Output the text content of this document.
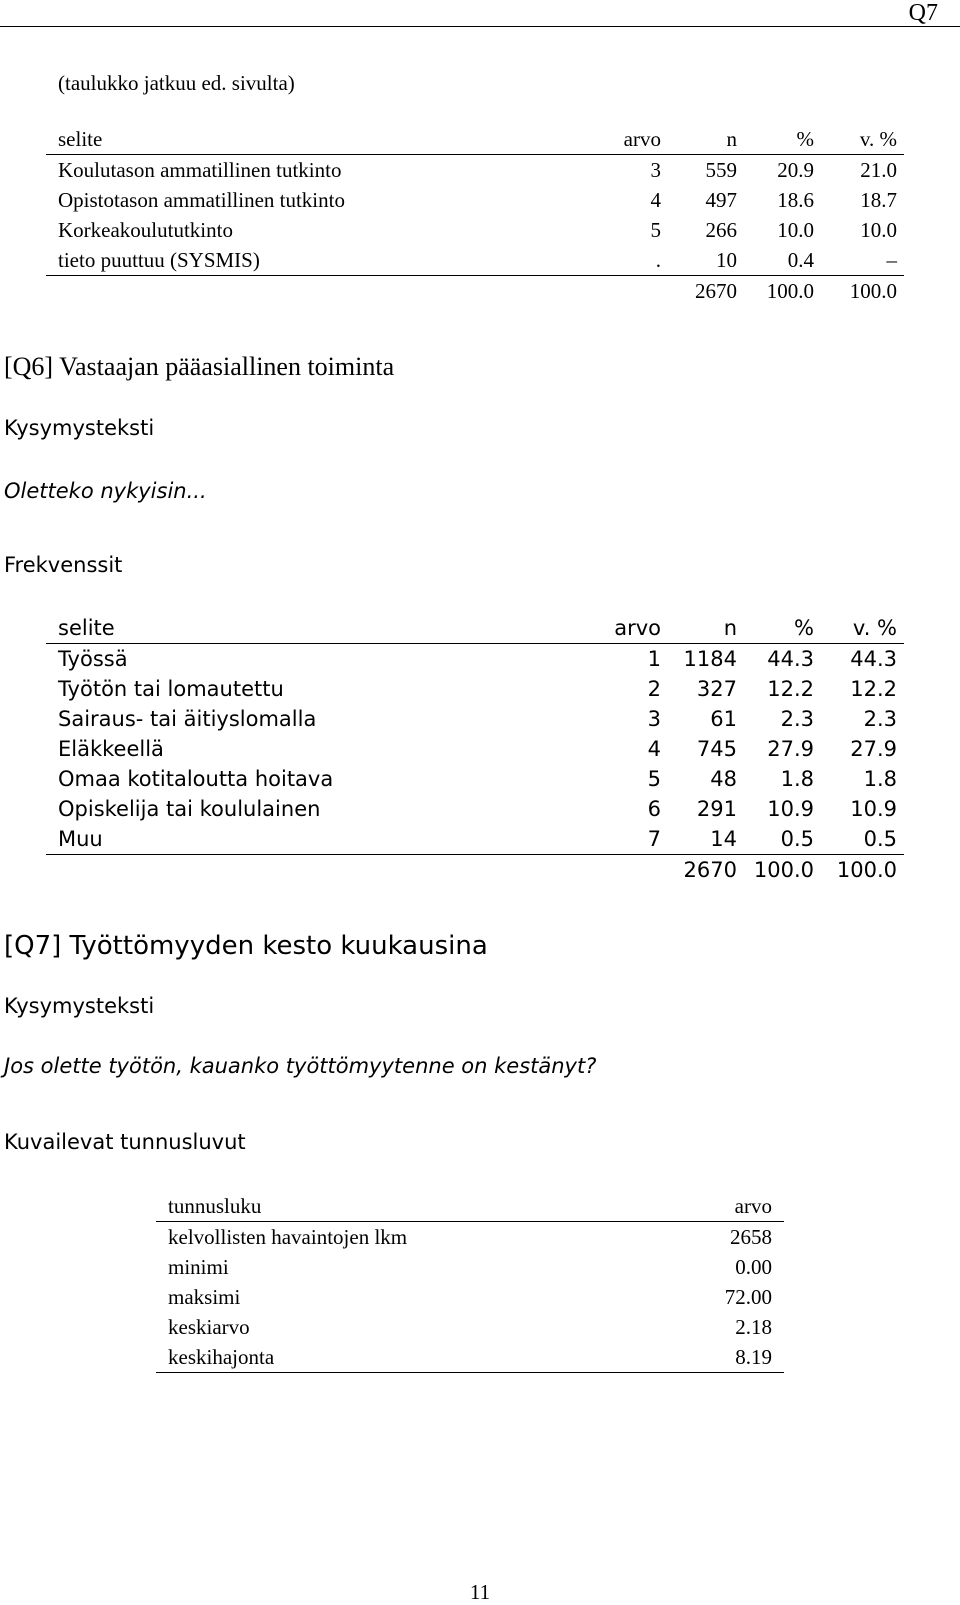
Q7
(taulukko jatkuu ed. sivulta)
selite	arvo	n	%	v. %
Koulutason ammatillinen tutkinto	3	559	20.9	21.0
Opistotason ammatillinen tutkinto	4	497	18.6	18.7
Korkeakoulututkinto	5	266	10.0	10.0
tieto puuttuu (SYSMIS)	.	10	0.4	–
		2670	100.0	100.0
[Q6] Vastaajan pääasiallinen toiminta
Kysymysteksti
Oletteko nykyisin...
Frekvenssit
selite	arvo	n	%	v. %
Työssä	1	1184	44.3	44.3
Työtön tai lomautettu	2	327	12.2	12.2
Sairaus- tai äitiyslomalla	3	61	2.3	2.3
Eläkkeellä	4	745	27.9	27.9
Omaa kotitaloutta hoitava	5	48	1.8	1.8
Opiskelija tai koululainen	6	291	10.9	10.9
Muu	7	14	0.5	0.5
		2670	100.0	100.0
[Q7] Työttömyyden kesto kuukausina
Kysymysteksti
Jos olette työtön, kauanko työttömyytenne on kestänyt?
Kuvailevat tunnusluvut
tunnusluku	arvo
kelvollisten havaintojen lkm	2658
minimi	0.00
maksimi	72.00
keskiarvo	2.18
keskihajonta	8.19
11
